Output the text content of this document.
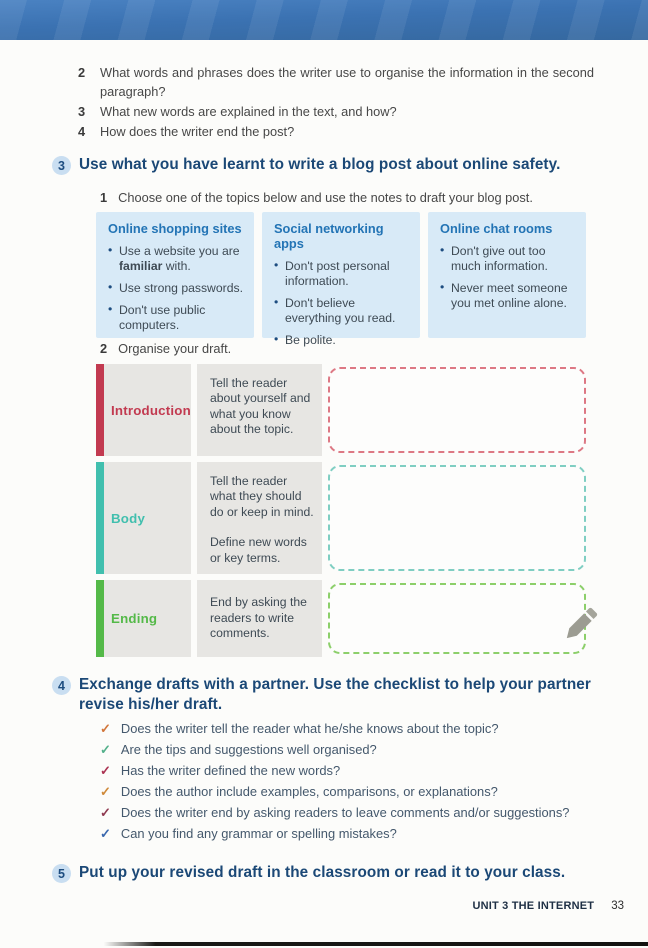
2 What words and phrases does the writer use to organise the information in the second paragraph?
3 What new words are explained in the text, and how?
4 How does the writer end the post?
3 Use what you have learnt to write a blog post about online safety.
1 Choose one of the topics below and use the notes to draft your blog post.
Online shopping sites
• Use a website you are familiar with.
• Use strong passwords.
• Don't use public computers.
Social networking apps
• Don't post personal information.
• Don't believe everything you read.
• Be polite.
Online chat rooms
• Don't give out too much information.
• Never meet someone you met online alone.
2 Organise your draft.
Introduction
Tell the reader about yourself and what you know about the topic.
Body
Tell the reader what they should do or keep in mind.
Define new words or key terms.
Ending
End by asking the readers to write comments.
4 Exchange drafts with a partner. Use the checklist to help your partner revise his/her draft.
✓ Does the writer tell the reader what he/she knows about the topic?
✓ Are the tips and suggestions well organised?
✓ Has the writer defined the new words?
✓ Does the author include examples, comparisons, or explanations?
✓ Does the writer end by asking readers to leave comments and/or suggestions?
✓ Can you find any grammar or spelling mistakes?
5 Put up your revised draft in the classroom or read it to your class.
UNIT 3 THE INTERNET 33
